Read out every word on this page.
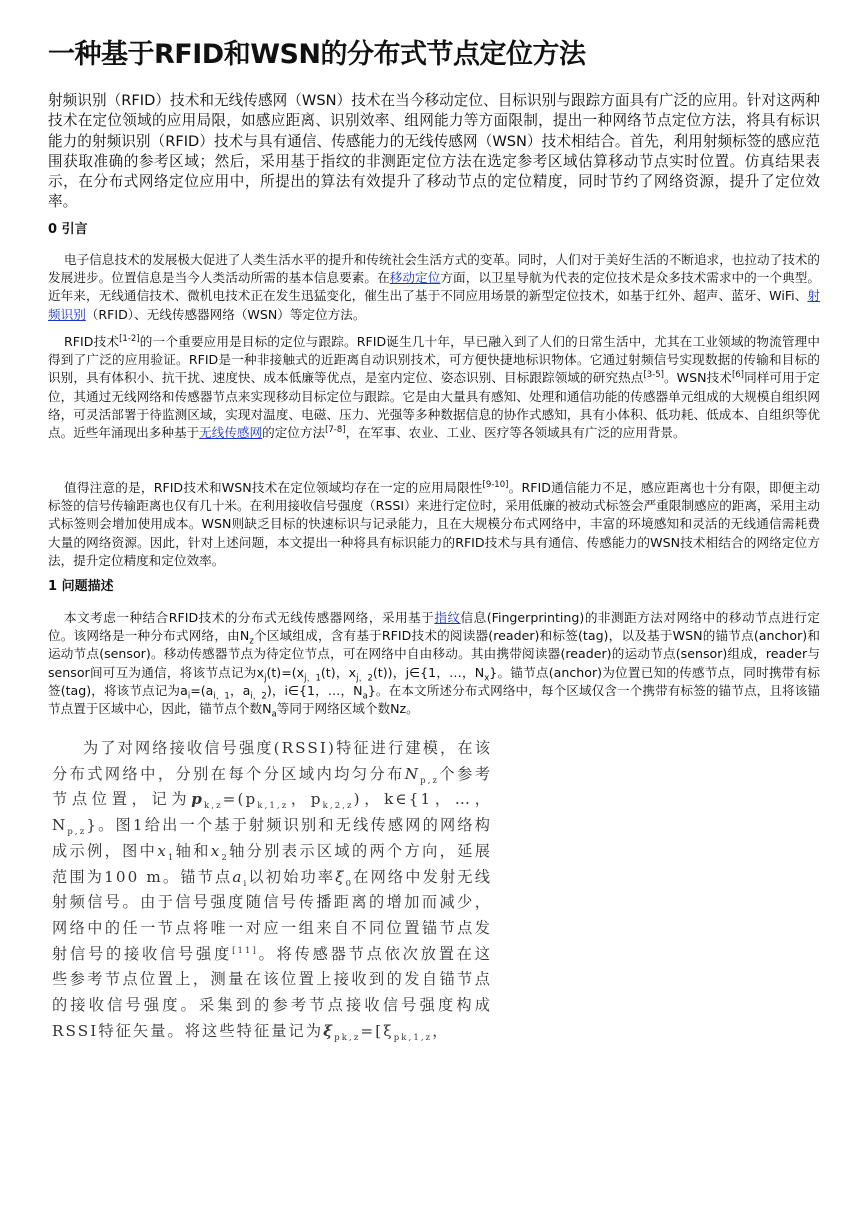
一种基于RFID和WSN的分布式节点定位方法

射频识别（RFID）技术和无线传感网（WSN）技术在当今移动定位、目标识别与跟踪方面具有广泛的应用。针对这两种技术在定位领域的应用局限，如感应距离、识别效率、组网能力等方面限制，提出一种网络节点定位方法，将具有标识能力的射频识别（RFID）技术与具有通信、传感能力的无线传感网（WSN）技术相结合。首先，利用射频标签的感应范围获取准确的参考区域；然后，采用基于指纹的非测距定位方法在选定参考区域估算移动节点实时位置。仿真结果表示，在分布式网络定位应用中，所提出的算法有效提升了移动节点的定位精度，同时节约了网络资源，提升了定位效率。

0 引言

电子信息技术的发展极大促进了人类生活水平的提升和传统社会生活方式的变革。同时，人们对于美好生活的不断追求，也拉动了技术的发展进步。位置信息是当今人类活动所需的基本信息要素。在移动定位方面，以卫星导航为代表的定位技术是众多技术需求中的一个典型。近年来，无线通信技术、微机电技术正在发生迅猛变化，催生出了基于不同应用场景的新型定位技术，如基于红外、超声、蓝牙、WiFi、射频识别（RFID）、无线传感器网络（WSN）等定位方法。

RFID技术[1-2]的一个重要应用是目标的定位与跟踪。RFID诞生几十年，早已融入到了人们的日常生活中，尤其在工业领域的物流管理中得到了广泛的应用验证。RFID是一种非接触式的近距离自动识别技术，可方便快捷地标识物体。它通过射频信号实现数据的传输和目标的识别，具有体积小、抗干扰、速度快、成本低廉等优点，是室内定位、姿态识别、目标跟踪领域的研究热点[3-5]。WSN技术[6]同样可用于定位，其通过无线网络和传感器节点来实现移动目标定位与跟踪。它是由大量具有感知、处理和通信功能的传感器单元组成的大规模自组织网络，可灵活部署于待监测区域，实现对温度、电磁、压力、光强等多种数据信息的协作式感知，具有小体积、低功耗、低成本、自组织等优点。近些年涌现出多种基于无线传感网的定位方法[7-8]，在军事、农业、工业、医疗等各领域具有广泛的应用背景。

值得注意的是，RFID技术和WSN技术在定位领域均存在一定的应用局限性[9-10]。RFID通信能力不足，感应距离也十分有限，即便主动标签的信号传输距离也仅有几十米。在利用接收信号强度（RSSI）来进行定位时，采用低廉的被动式标签会严重限制感应的距离，采用主动式标签则会增加使用成本。WSN则缺乏目标的快速标识与记录能力，且在大规模分布式网络中，丰富的环境感知和灵活的无线通信需耗费大量的网络资源。因此，针对上述问题，本文提出一种将具有标识能力的RFID技术与具有通信、传感能力的WSN技术相结合的网络定位方法，提升定位精度和定位效率。

1 问题描述

本文考虑一种结合RFID技术的分布式无线传感器网络，采用基于指纹信息(Fingerprinting)的非测距方法对网络中的移动节点进行定位。该网络是一种分布式网络，由$N_z$个区域组成，含有基于RFID技术的阅读器(reader)和标签(tag)，以及基于WSN的锚节点(anchor)和运动节点(sensor)。移动传感器节点为待定位节点，可在网络中自由移动。其由携带阅读器(reader)的运动节点(sensor)组成，reader与sensor间可互为通信，将该节点记为$x_j(t)=(x_{j,1}(t)$，$x_{j,2}(t)$)，j∈{1，…，$N_x$}。锚节点(anchor)为位置已知的传感节点，同时携带有标签(tag)，将该节点记为$a_i=(a_{i,1}$，$a_{i,2}$)，i∈{1，…，$N_a$}。在本文所述分布式网络中，每个区域仅含一个携带有标签的锚节点，且将该锚节点置于区域中心，因此，锚节点个数$N_a$等同于网络区域个数Nz。

为了对网络接收信号强度(RSSI)特征进行建模，在该分布式网络中，分别在每个分区域内均匀分布$N_{p,z}$个参考节点位置，记为$p_{k,z}=(p_{k,1,z}$，$p_{k,2,z}$)，k∈{1，…，$N_{p,z}$}。图1给出一个基于射频识别和无线传感网的网络构成示例，图中$x_1$轴和$x_2$轴分别表示区域的两个方向，延展范围为100 m。锚节点$a_i$以初始功率$\xi_0$在网络中发射无线射频信号。由于信号强度随信号传播距离的增加而减少，网络中的任一节点将唯一对应一组来自不同位置锚节点发射信号的接收信号强度[11]。将传感器节点依次放置在这些参考节点位置上，测量在该位置上接收到的发自锚节点的接收信号强度。采集到的参考节点接收信号强度构成RSSI特征矢量。将这些特征量记为$\xi_{pk,z}=[\xi_{pk,1,z}$，
